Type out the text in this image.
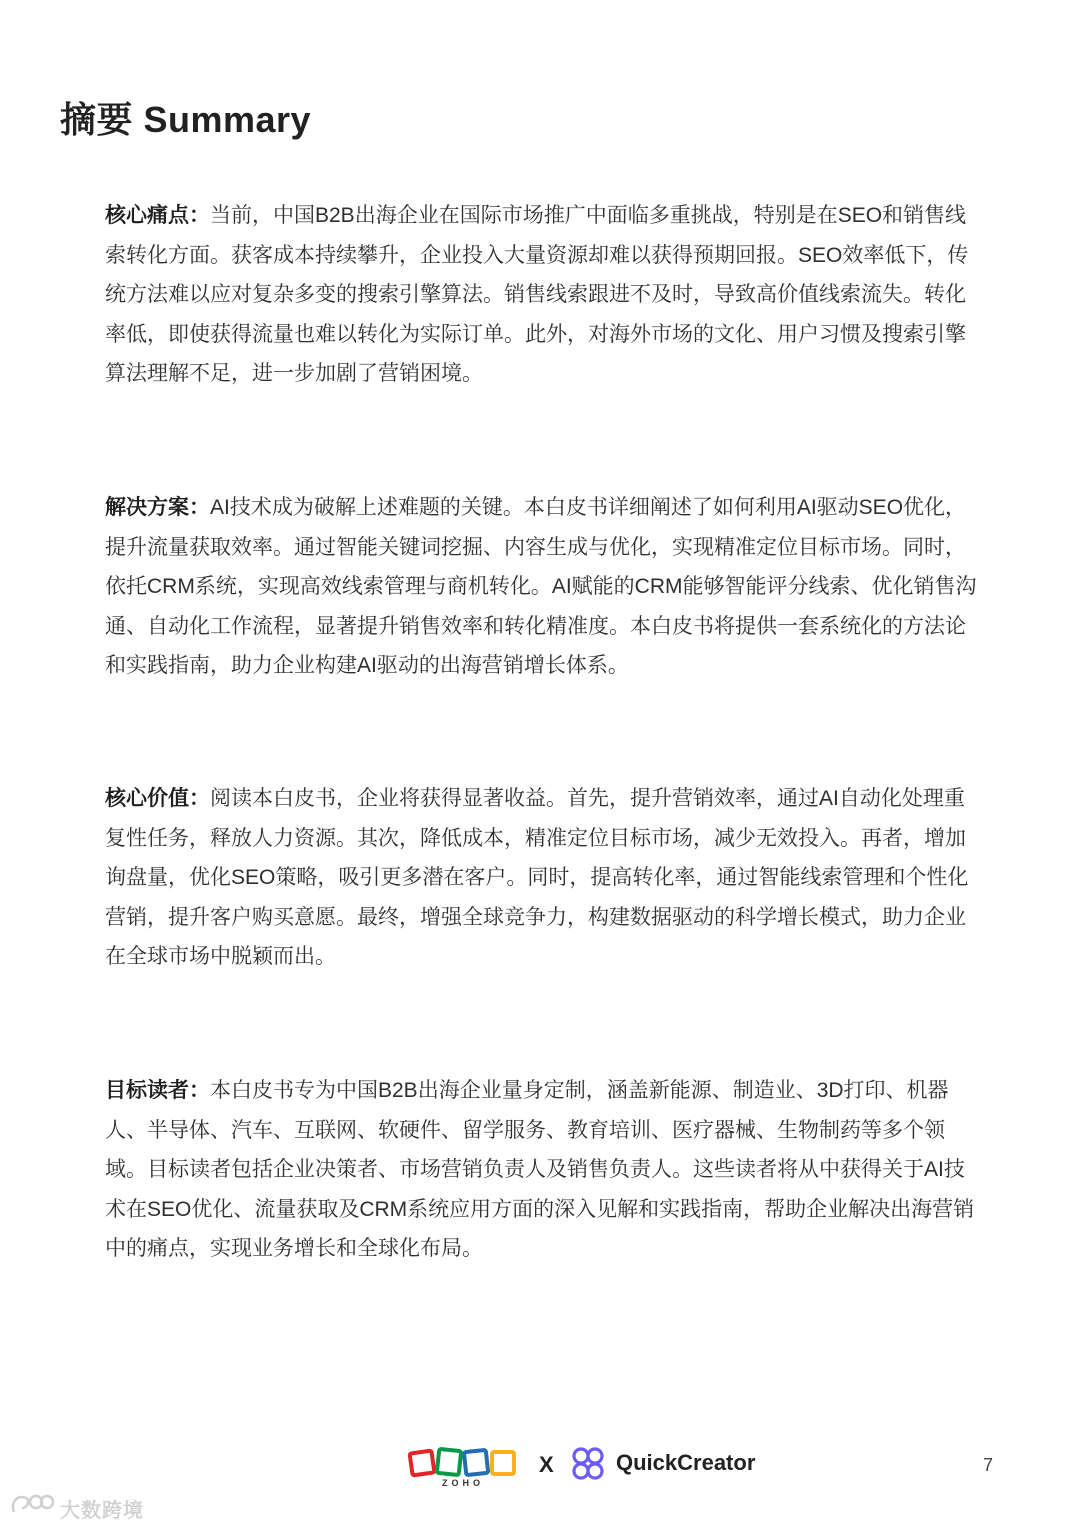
摘要 Summary
核心痛点：当前，中国B2B出海企业在国际市场推广中面临多重挑战，特别是在SEO和销售线索转化方面。获客成本持续攀升，企业投入大量资源却难以获得预期回报。SEO效率低下，传统方法难以应对复杂多变的搜索引擎算法。销售线索跟进不及时，导致高价值线索流失。转化率低，即使获得流量也难以转化为实际订单。此外，对海外市场的文化、用户习惯及搜索引擎算法理解不足，进一步加剧了营销困境。
解决方案：AI技术成为破解上述难题的关键。本白皮书详细阐述了如何利用AI驱动SEO优化，提升流量获取效率。通过智能关键词挖掘、内容生成与优化，实现精准定位目标市场。同时，依托CRM系统，实现高效线索管理与商机转化。AI赋能的CRM能够智能评分线索、优化销售沟通、自动化工作流程，显著提升销售效率和转化精准度。本白皮书将提供一套系统化的方法论和实践指南，助力企业构建AI驱动的出海营销增长体系。
核心价值：阅读本白皮书，企业将获得显著收益。首先，提升营销效率，通过AI自动化处理重复性任务，释放人力资源。其次，降低成本，精准定位目标市场，减少无效投入。再者，增加询盘量，优化SEO策略，吸引更多潜在客户。同时，提高转化率，通过智能线索管理和个性化营销，提升客户购买意愿。最终，增强全球竞争力，构建数据驱动的科学增长模式，助力企业在全球市场中脱颖而出。
目标读者：本白皮书专为中国B2B出海企业量身定制，涵盖新能源、制造业、3D打印、机器人、半导体、汽车、互联网、软硬件、留学服务、教育培训、医疗器械、生物制药等多个领域。目标读者包括企业决策者、市场营销负责人及销售负责人。这些读者将从中获得关于AI技术在SEO优化、流量获取及CRM系统应用方面的深入见解和实践指南，帮助企业解决出海营销中的痛点，实现业务增长和全球化布局。
ZOHO
X	QuickCreator	7
大数跨境
